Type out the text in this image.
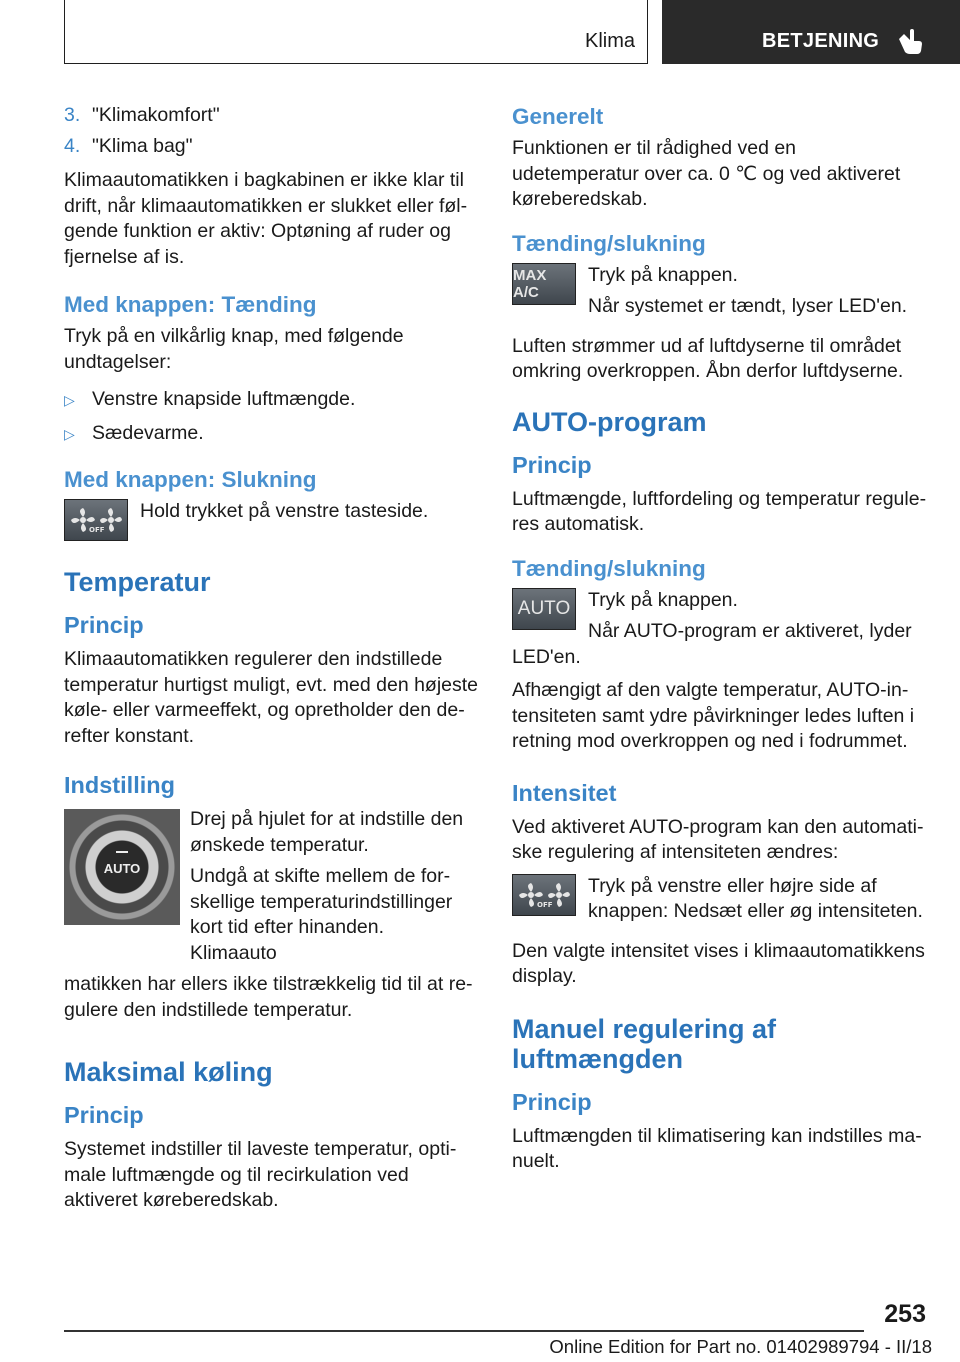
Klima	BETJENING
3. "Klimakomfort"
4. "Klima bag"

Klimaautomatikken i bagkabinen er ikke klar til drift, når klimaautomatikken er slukket eller følgende funktion er aktiv: Optøning af ruder og fjernelse af is.

Med knappen: Tænding

Tryk på en vilkårlig knap, med følgende undtagelser:

▷ Venstre knapside luftmængde.
▷ Sædevarme.
Med knappen: Slukning
OFF

Hold trykket på venstre tasteside.

Temperatur
Princip

Klimaautomatikken regulerer den indstillede temperatur hurtigst muligt, evt. med den højeste køle- eller varmeeffekt, og opretholder den derefter konstant.

Indstilling
AUTO

Drej på hjulet for at indstille den ønskede temperatur.

Undgå at skifte mellem de forskellige temperaturindstillinger kort tid efter hinanden. Klimaauto

matikken har ellers ikke tilstrækkelig tid til at regulere den indstillede temperatur.

Maksimal køling
Princip

Systemet indstiller til laveste temperatur, optimale luftmængde og til recirkulation ved aktiveret køreberedskab.

Generelt

Funktionen er til rådighed ved en udetemperatur over ca. 0 ℃ og ved aktiveret køreberedskab.

Tænding/slukning
MAX A/C

Tryk på knappen.

Når systemet er tændt, lyser LED'en.

Luften strømmer ud af luftdyserne til området omkring overkroppen. Åbn derfor luftdyserne.

AUTO-program
Princip

Luftmængde, luftfordeling og temperatur reguleres automatisk.

Tænding/slukning
AUTO Tryk på knappen.

Når AUTO-program er aktiveret, lyder

LED'en.

Afhængigt af den valgte temperatur, AUTO-intensiteten samt ydre påvirkninger ledes luften i retning mod overkroppen og ned i fodrummet.

Intensitet

Ved aktiveret AUTO-program kan den automatiske regulering af intensiteten ændres:

OFF

Tryk på venstre eller højre side af knappen: Nedsæt eller øg intensiteten.

Den valgte intensitet vises i klimaautomatikkens display.

Manuel regulering af luftmængden
Princip

Luftmængden til klimatisering kan indstilles manuelt.

253
Online Edition for Part no. 01402989794 - II/18
